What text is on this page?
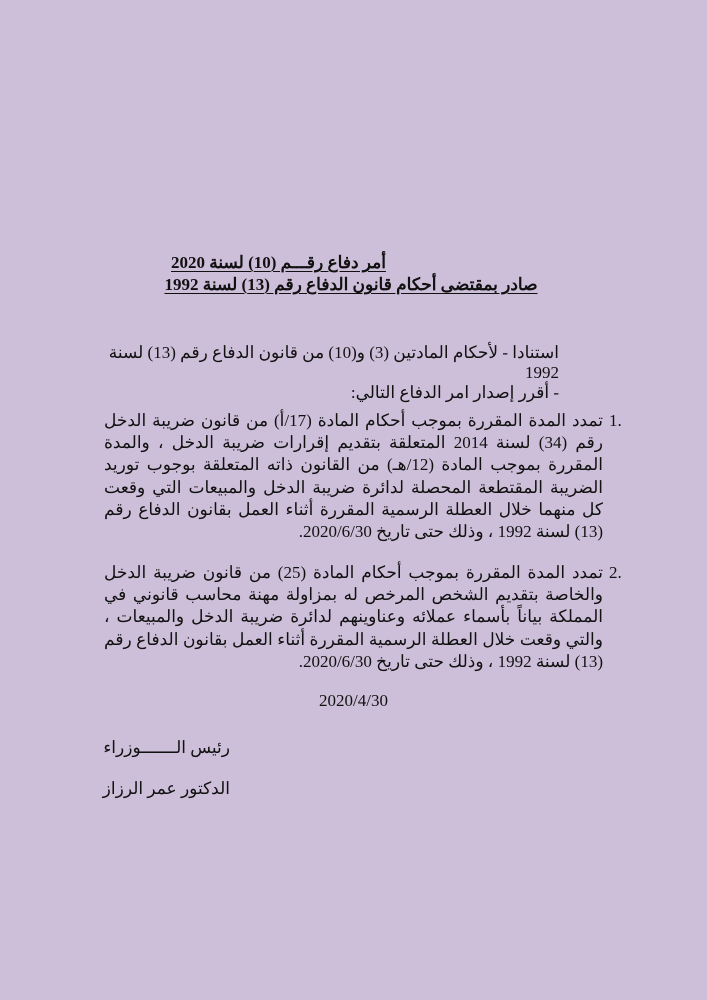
أمر دفاع رقـــم (10) لسنة 2020
صادر بمقتضى أحكام قانون الدفاع رقم (13) لسنة 1992

استنادا - لأحكام المادتين (3) و(10) من قانون الدفاع رقم (13) لسنة 1992

- أقرر إصدار امر الدفاع التالي:

1.
تمدد المدة المقررة بموجب أحكام المادة (17/أ) من قانون ضريبة الدخل رقم (34) لسنة 2014 المتعلقة بتقديم إقرارات ضريبة الدخل ، والمدة المقررة بموجب المادة (12/هـ) من القانون ذاته المتعلقة بوجوب توريد الضريبة المقتطعة المحصلة لدائرة ضريبة الدخل والمبيعات التي وقعت كل منهما خلال العطلة الرسمية المقررة أثناء العمل بقانون الدفاع رقم (13) لسنة 1992 ، وذلك حتى تاريخ 2020/6/30.
2.
تمدد المدة المقررة بموجب أحكام المادة (25) من قانون ضريبة الدخل والخاصة بتقديم الشخص المرخص له بمزاولة مهنة محاسب قانوني في المملكة بياناً بأسماء عملائه وعناوينهم لدائرة ضريبة الدخل والمبيعات ، والتي وقعت خلال العطلة الرسمية المقررة أثناء العمل بقانون الدفاع رقم (13) لسنة 1992 ، وذلك حتى تاريخ 2020/6/30.
2020/4/30
رئيس الـــــــوزراء
الدكتور عمر الرزاز
